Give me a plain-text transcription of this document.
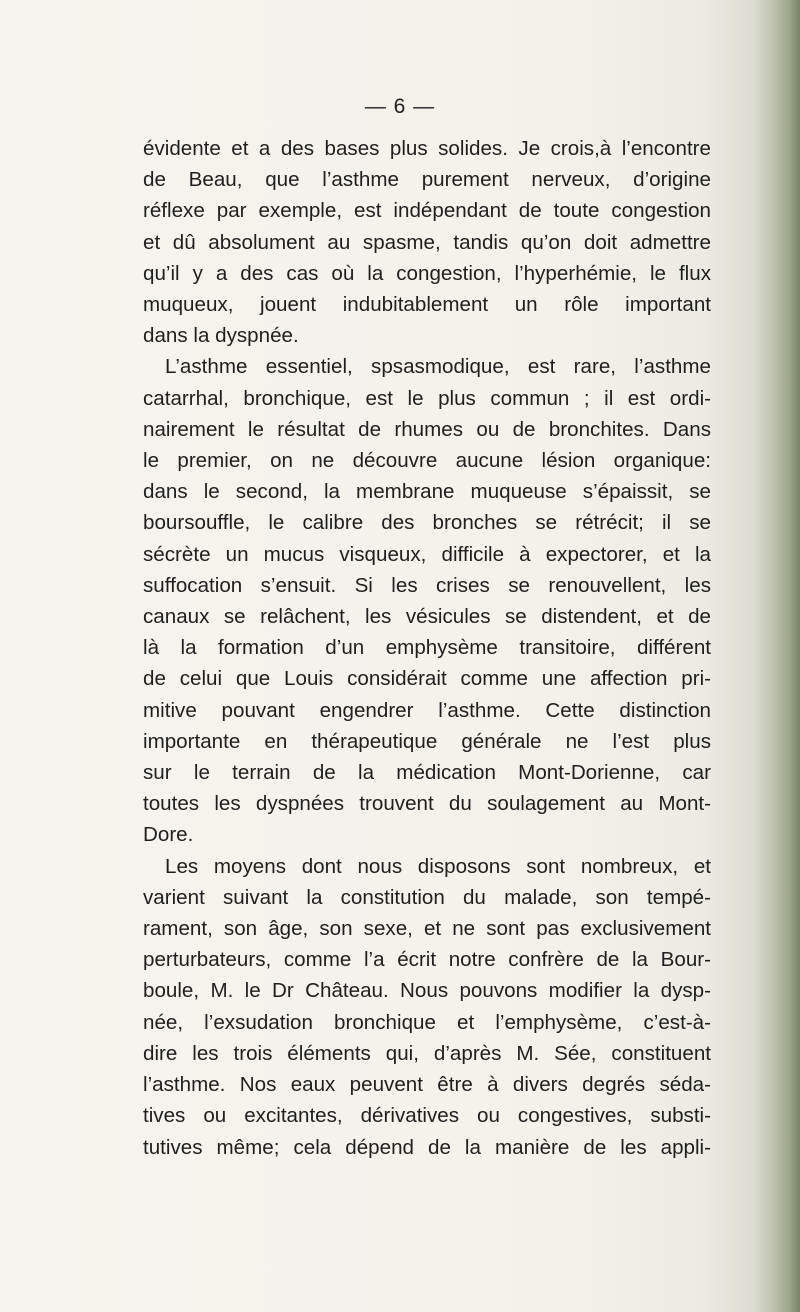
— 6 —
évidente et a des bases plus solides. Je crois,à l’encontre
de Beau, que l’asthme purement nerveux, d’origine
réflexe par exemple, est indépendant de toute congestion
et dû absolument au spasme, tandis qu’on doit admettre
qu’il y a des cas où la congestion, l’hyperhémie, le flux
muqueux, jouent indubitablement un rôle important
dans la dyspnée.
L’asthme essentiel, spsasmodique, est rare, l’asthme
catarrhal, bronchique, est le plus commun ; il est ordi-
nairement le résultat de rhumes ou de bronchites. Dans
le premier, on ne découvre aucune lésion organique:
dans le second, la membrane muqueuse s’épaissit, se
boursouffle, le calibre des bronches se rétrécit; il se
sécrète un mucus visqueux, difficile à expectorer, et la
suffocation s’ensuit. Si les crises se renouvellent, les
canaux se relâchent, les vésicules se distendent, et de
là la formation d’un emphysème transitoire, différent
de celui que Louis considérait comme une affection pri-
mitive pouvant engendrer l’asthme. Cette distinction
importante en thérapeutique générale ne l’est plus
sur le terrain de la médication Mont-Dorienne, car
toutes les dyspnées trouvent du soulagement au Mont-
Dore.
Les moyens dont nous disposons sont nombreux, et
varient suivant la constitution du malade, son tempé-
rament, son âge, son sexe, et ne sont pas exclusivement
perturbateurs, comme l’a écrit notre confrère de la Bour-
boule, M. le Dr Château. Nous pouvons modifier la dysp-
née, l’exsudation bronchique et l’emphysème, c’est-à-
dire les trois éléments qui, d’après M. Sée, constituent
l’asthme. Nos eaux peuvent être à divers degrés séda-
tives ou excitantes, dérivatives ou congestives, substi-
tutives même; cela dépend de la manière de les appli-
